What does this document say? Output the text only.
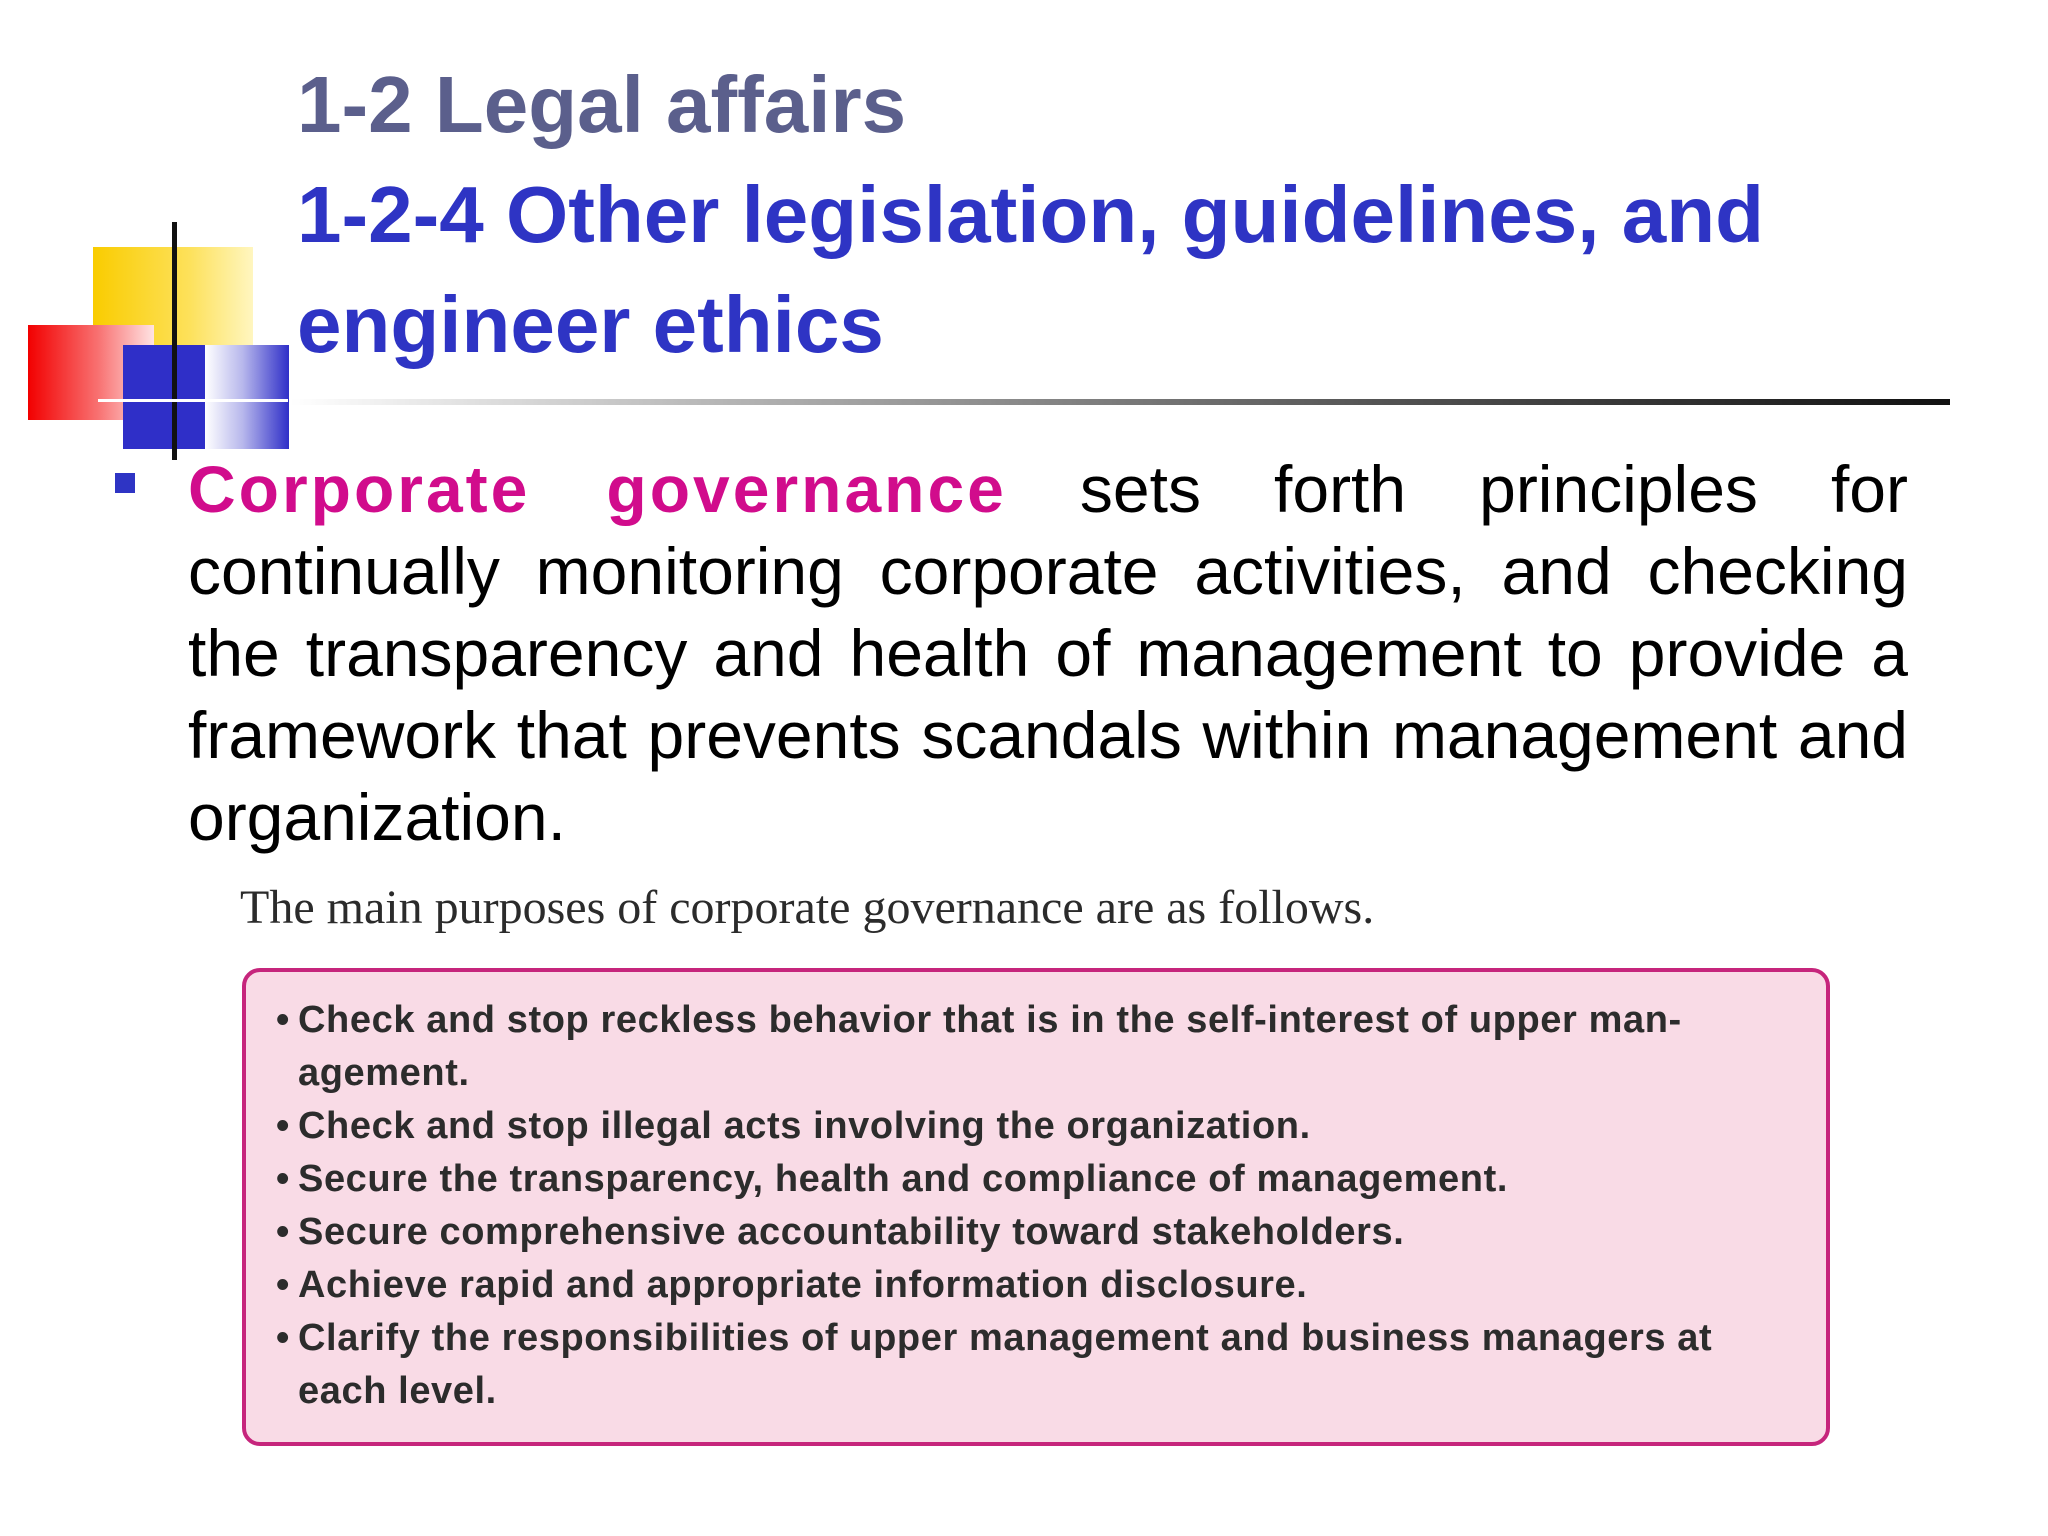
1-2 Legal affairs
1-2-4 Other legislation, guidelines, and engineer ethics
Corporate governance sets forth principles for continually monitoring corporate activities, and checking the transparency and health of management to provide a framework that prevents scandals within management and organization.
The main purposes of corporate governance are as follows.
• Check and stop reckless behavior that is in the self-interest of upper man-agement.
• Check and stop illegal acts involving the organization.
• Secure the transparency, health and compliance of management.
• Secure comprehensive accountability toward stakeholders.
• Achieve rapid and appropriate information disclosure.
• Clarify the responsibilities of upper management and business managers at each level.
